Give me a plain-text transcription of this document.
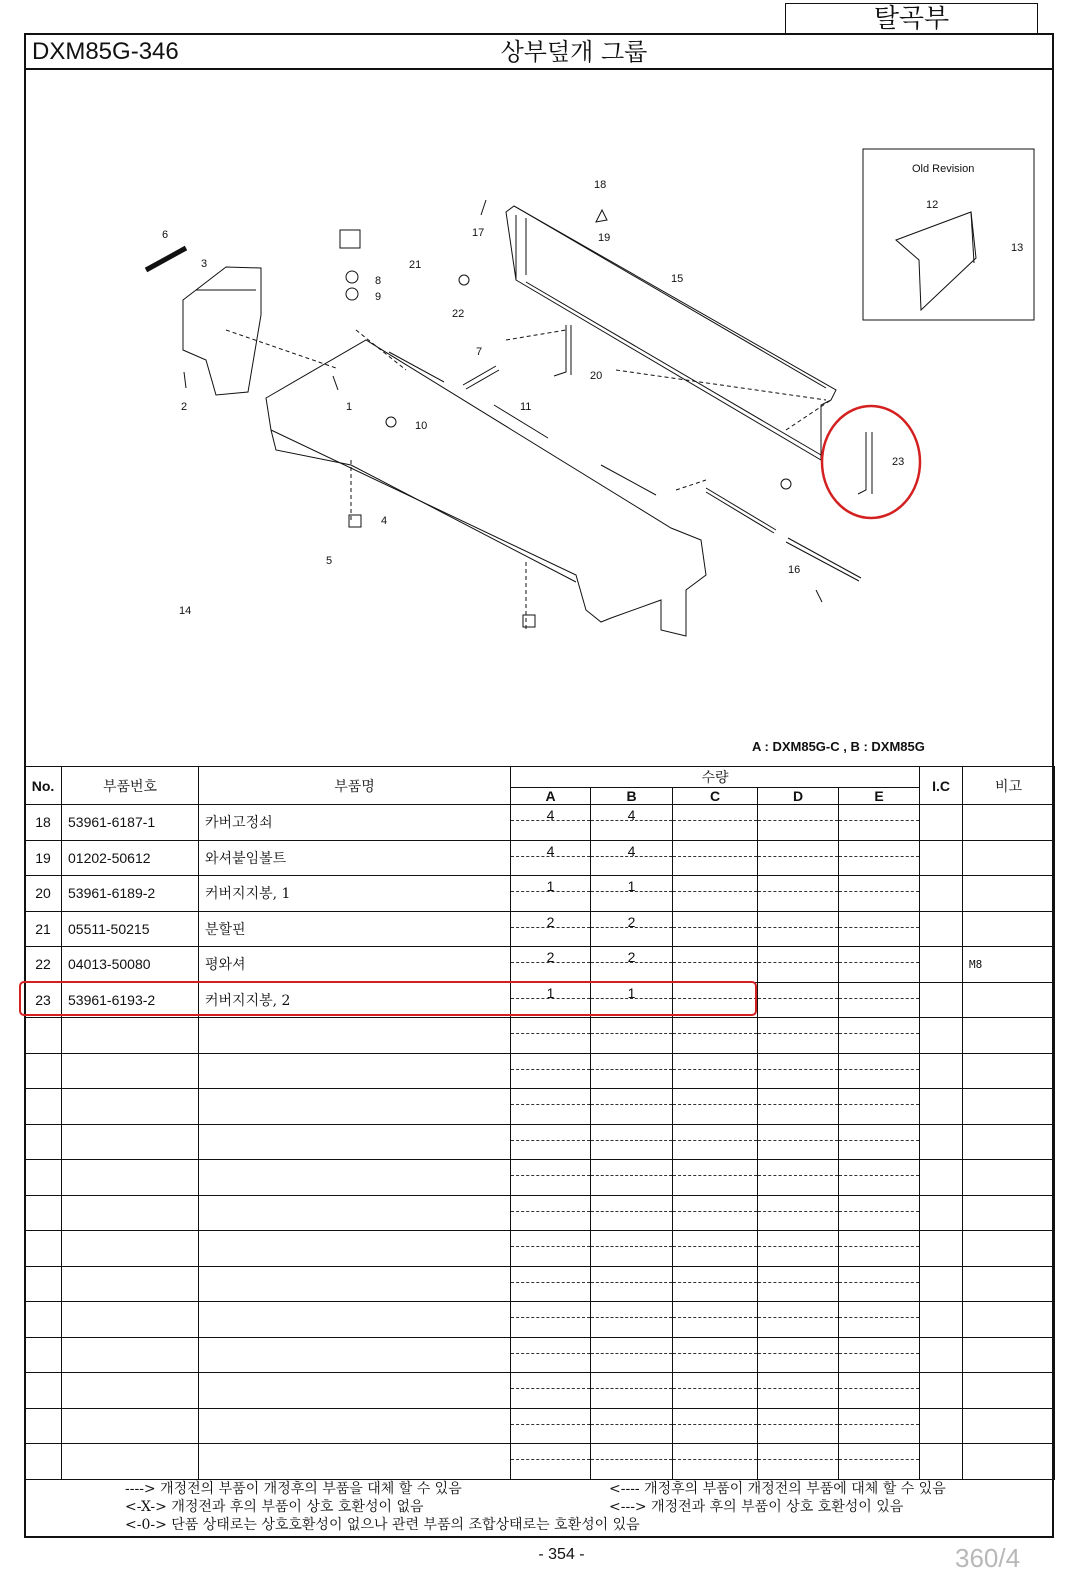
탈곡부
DXM85G-346	상부덮개 그룹
1
2
3
4
5
6
7
8
9
10
11
12
13
14
15
16
17
18
19
20
21
22
23
Old Revision
A : DXM85G-C , B : DXM85G
No.	부품번호	부품명	수량					I.C	비고
			A	B	C	D	E		
18	53961-6187-1	카버고정쇠	4	4					

19	01202-50612	와셔붙임볼트	4	4					

20	53961-6189-2	커버지지봉, 1	1	1					

21	05511-50215	분할핀	2	2					

22	04013-50080	평와셔	2	2					M8
23	53961-6193-2	커버지지봉, 2	1	1					

----> 개정전의 부품이 개정후의 부품을 대체 할 수 있음	<---- 개정후의 부품이 개정전의 부품에 대체 할 수 있음
<-X-> 개정전과 후의 부품이 상호 호환성이 없음	<---> 개정전과 후의 부품이 상호 호환성이 있음
<-0-> 단품 상태로는 상호호환성이 없으나 관련 부품의 조합상태로는 호환성이 있음
- 354 -	360/4
